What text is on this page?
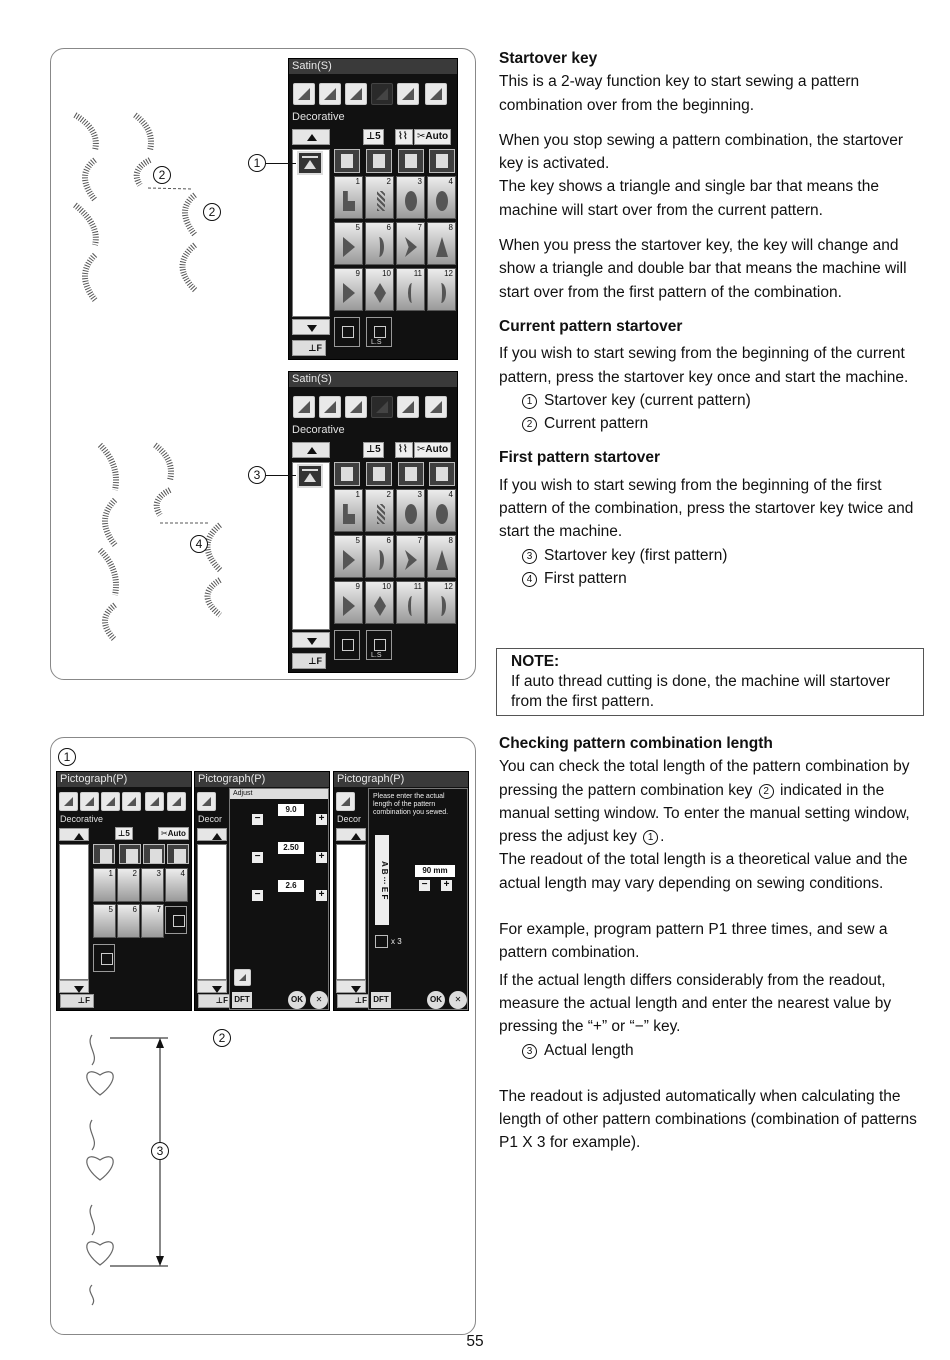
2
2
4
Satin(S)
Decorative
⊥5	⌇⌇ ✂Auto
1	2	3	4
5	6	7	8
9	10	11	12
L.S
⊥F
1
Satin(S)
Decorative
⊥5	⌇⌇ ✂Auto
1	2	3	4
5	6	7	8
9	10	11	12
L.S
⊥F
3
1
Pictograph(P)
Decorative
⊥5	✂Auto
1 2 3 4
5 6 7
⊥F
Pictograph(P)
Decor
⊥F
Adjust
9.0
−	+
2.50
−	+
2.6
−	+
DFT	OK	✕
2
Pictograph(P)
Decor
⊥F
Please enter the actual length of the pattern combination you sewed.
A B ··· E F	90 mm
− +
x 3
DFT	OK	✕
3
Startover key
This is a 2-way function key to start sewing a pattern combination over from the beginning.
When you stop sewing a pattern combination, the startover key is activated.
The key shows a triangle and single bar that means the machine will start over from the current pattern.
When you press the startover key, the key will change and show a triangle and double bar that means the machine will start over from the first pattern of the combination.
Current pattern startover
If you wish to start sewing from the beginning of the current pattern, press the startover key once and start the machine.
1 Startover key (current pattern)
2 Current pattern
First pattern startover
If you wish to start sewing from the beginning of the first pattern of the combination, press the startover key twice and start the machine.
3 Startover key (first pattern)
4 First pattern
NOTE:
If auto thread cutting is done, the machine will startover from the first pattern.
Checking pattern combination length
You can check the total length of the pattern combination by pressing the pattern combination key 2 indicated in the manual setting window. To enter the manual setting window, press the adjust key 1 .
The readout of the total length is a theoretical value and the actual length may vary depending on sewing conditions.
For example, program pattern P1 three times, and sew a pattern combination.
If the actual length differs considerably from the readout, measure the actual length and enter the nearest value by pressing the “+” or “−” key.
3 Actual length
The readout is adjusted automatically when calculating the length of other pattern combinations (combination of patterns P1 X 3 for example).
55
